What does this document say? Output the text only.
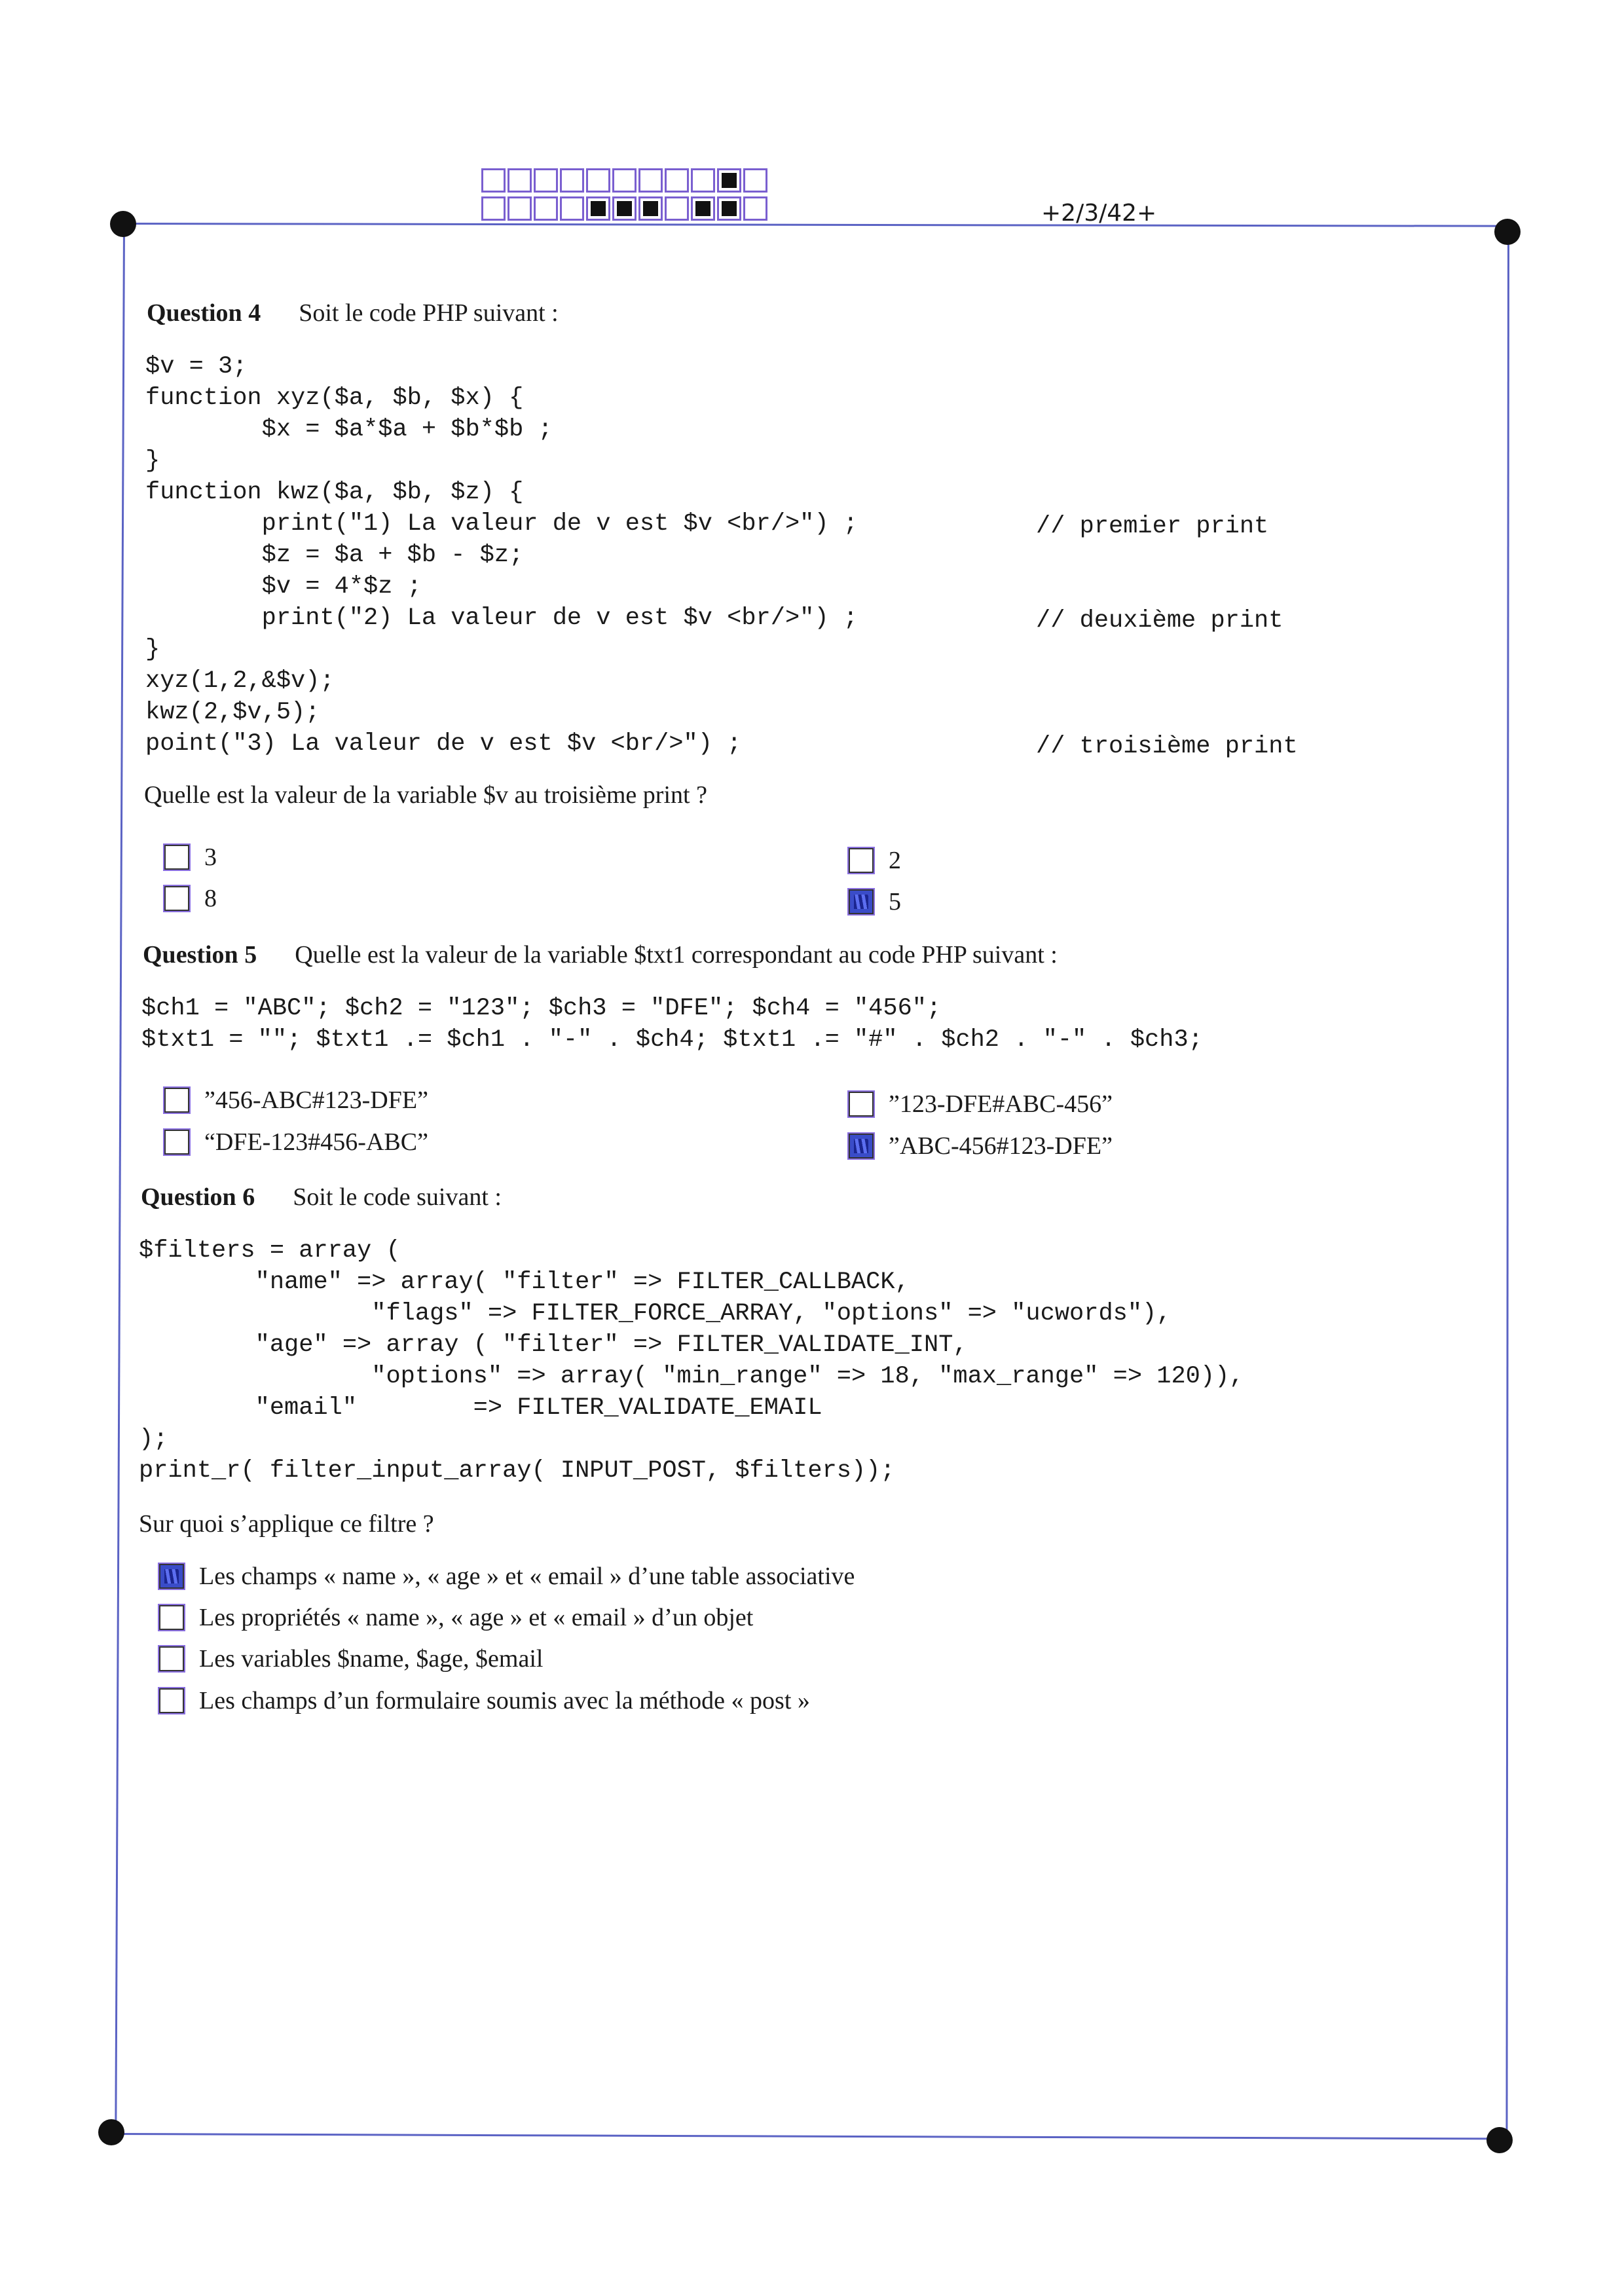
+2/3/42+
Question 4 Soit le code PHP suivant :
$v = 3;
function xyz($a, $b, $x) {
$x = $a*$a + $b*$b ;
}
function kwz($a, $b, $z) {
print("1) La valeur de v est $v <br/>") ;
$z = $a + $b - $z;
$v = 4*$z ;
print("2) La valeur de v est $v <br/>") ;
}
xyz(1,2,&$v);
kwz(2,$v,5);
point("3) La valeur de v est $v <br/>") ;
// premier print
// deuxième print
// troisième print
Quelle est la valeur de la variable $v au troisième print ?
3
8
2
5
Question 5 Quelle est la valeur de la variable $txt1 correspondant au code PHP suivant :
$ch1 = "ABC"; $ch2 = "123"; $ch3 = "DFE"; $ch4 = "456";
$txt1 = ""; $txt1 .= $ch1 . "-" . $ch4; $txt1 .= "#" . $ch2 . "-" . $ch3;
”456-ABC#123-DFE”
“DFE-123#456-ABC”
”123-DFE#ABC-456”
”ABC-456#123-DFE”
Question 6 Soit le code suivant :
$filters = array (
"name" => array( "filter" => FILTER_CALLBACK,
"flags" => FILTER_FORCE_ARRAY, "options" => "ucwords"),
"age" => array ( "filter" => FILTER_VALIDATE_INT,
"options" => array( "min_range" => 18, "max_range" => 120)),
"email"        => FILTER_VALIDATE_EMAIL
);
print_r( filter_input_array( INPUT_POST, $filters));
Sur quoi s’applique ce filtre ?
Les champs « name », « age » et « email » d’une table associative
Les propriétés « name », « age » et « email » d’un objet
Les variables $name, $age, $email
Les champs d’un formulaire soumis avec la méthode « post »
